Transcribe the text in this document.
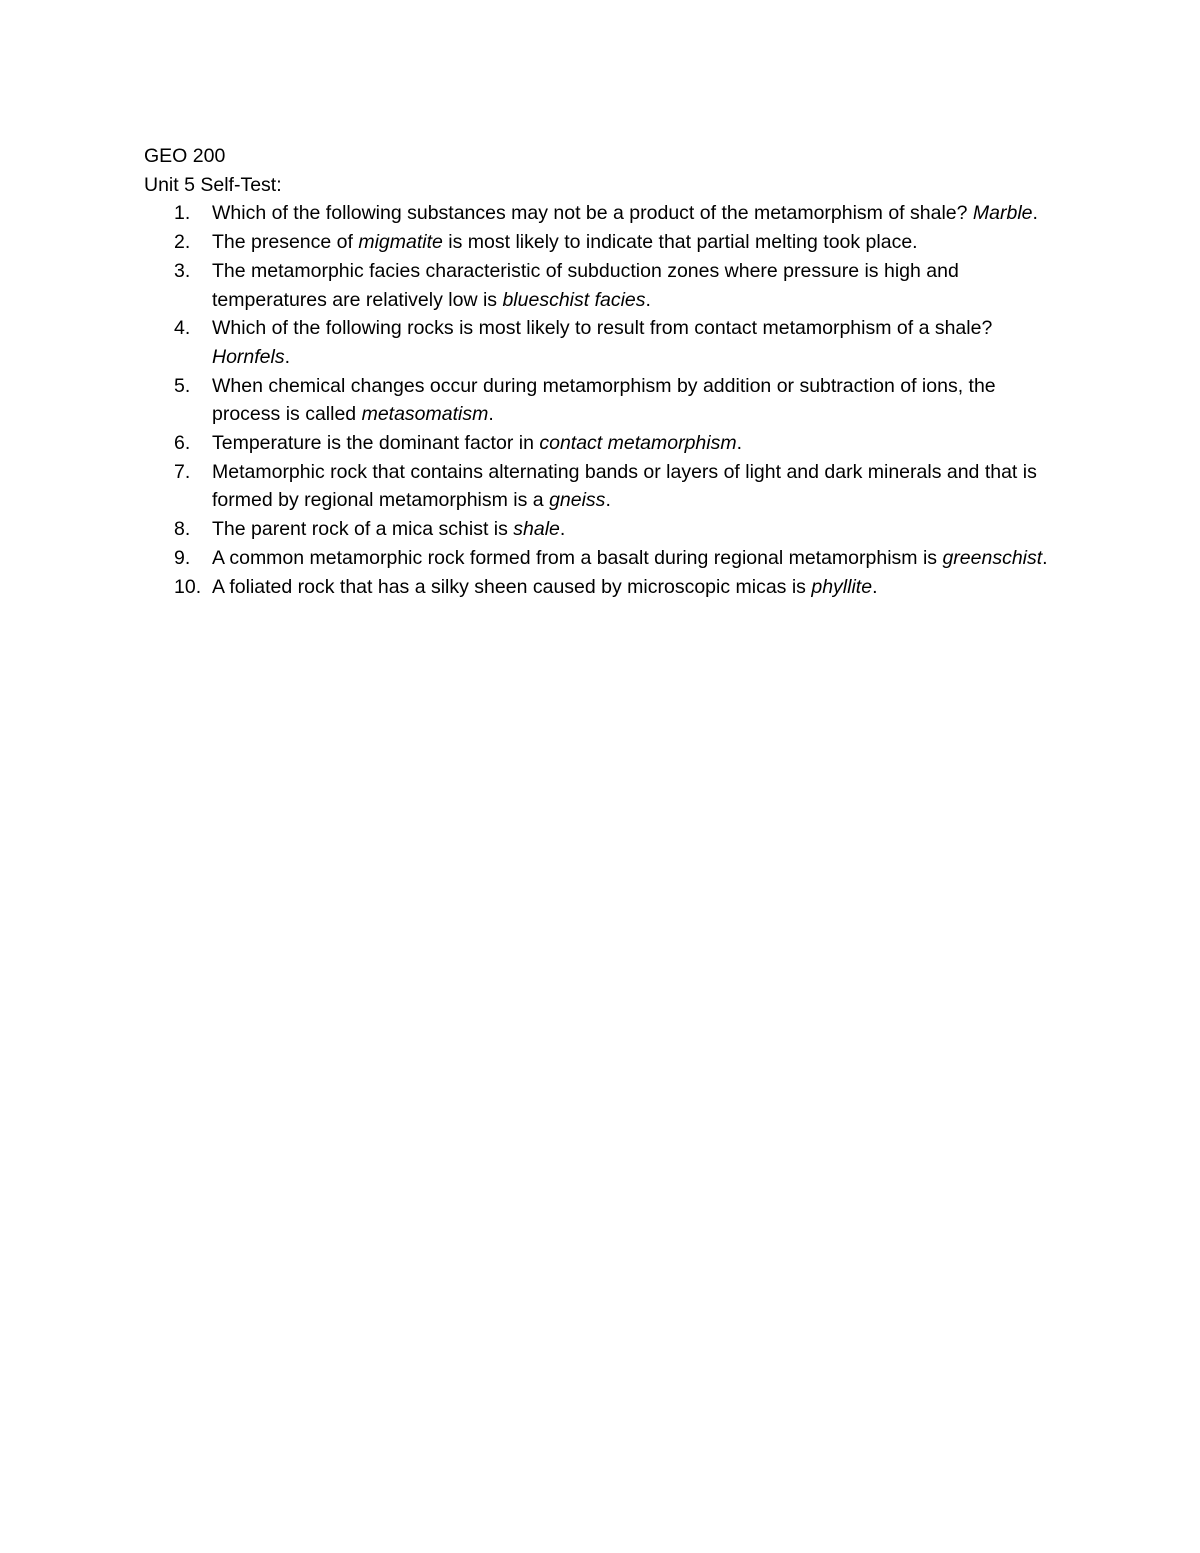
GEO 200
Unit 5 Self-Test:
1.	Which of the following substances may not be a product of the metamorphism of shale? Marble.
2.	The presence of migmatite is most likely to indicate that partial melting took place.
3.	The metamorphic facies characteristic of subduction zones where pressure is high and temperatures are relatively low is blueschist facies.
4.	Which of the following rocks is most likely to result from contact metamorphism of a shale? Hornfels.
5.	When chemical changes occur during metamorphism by addition or subtraction of ions, the process is called metasomatism.
6.	Temperature is the dominant factor in contact metamorphism.
7.	Metamorphic rock that contains alternating bands or layers of light and dark minerals and that is formed by regional metamorphism is a gneiss.
8.	The parent rock of a mica schist is shale.
9.	A common metamorphic rock formed from a basalt during regional metamorphism is greenschist.
10. A foliated rock that has a silky sheen caused by microscopic micas is phyllite.
